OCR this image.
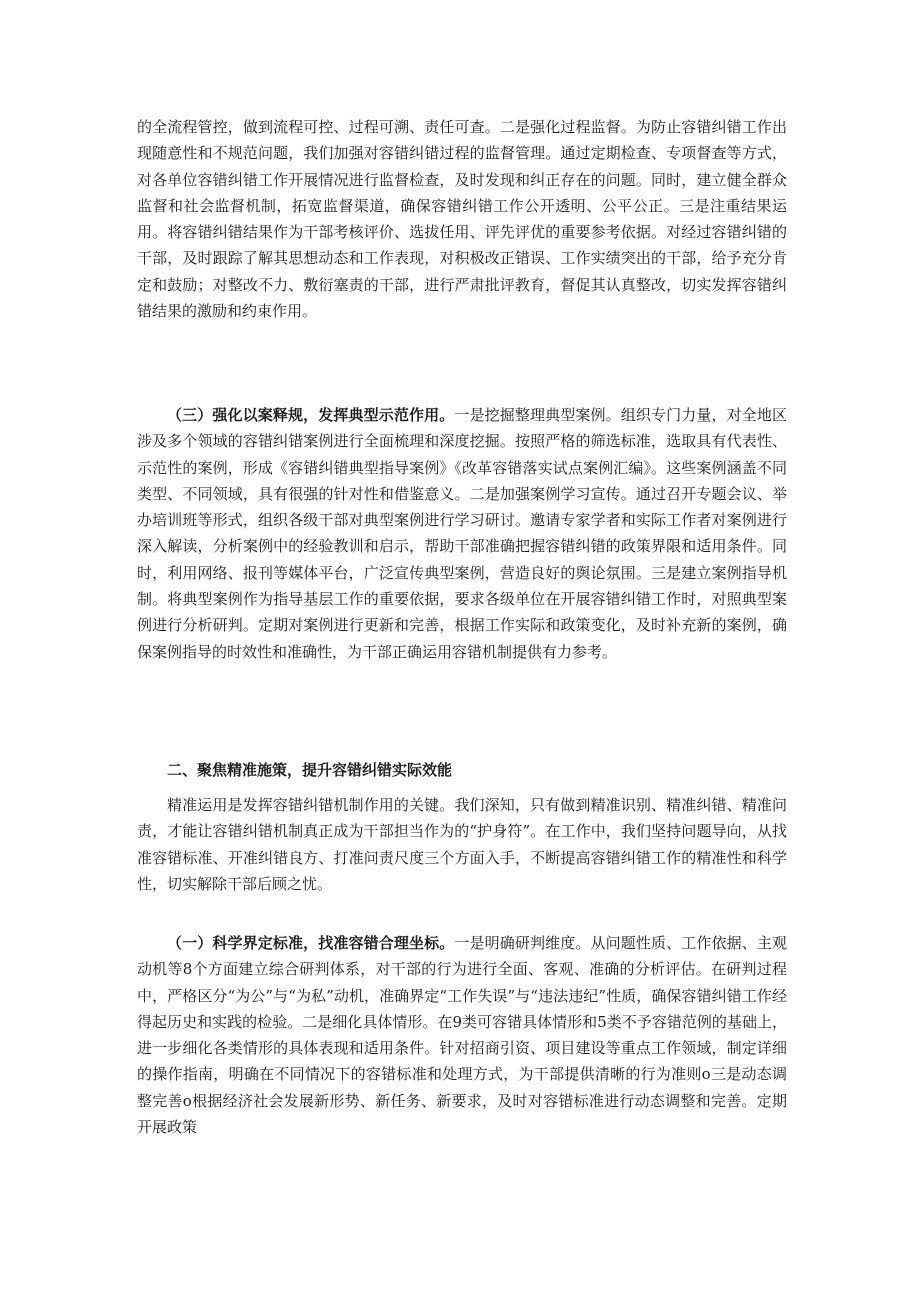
的全流程管控，做到流程可控、过程可溯、责任可查。二是强化过程监督。为防止容错纠错工作出现随意性和不规范问题，我们加强对容错纠错过程的监督管理。通过定期检查、专项督查等方式，对各单位容错纠错工作开展情况进行监督检查，及时发现和纠正存在的问题。同时，建立健全群众监督和社会监督机制，拓宽监督渠道，确保容错纠错工作公开透明、公平公正。三是注重结果运用。将容错纠错结果作为干部考核评价、选拔任用、评先评优的重要参考依据。对经过容错纠错的干部，及时跟踪了解其思想动态和工作表现，对积极改正错误、工作实绩突出的干部，给予充分肯定和鼓励；对整改不力、敷衍塞责的干部，进行严肃批评教育，督促其认真整改，切实发挥容错纠错结果的激励和约束作用。

（三）强化以案释规，发挥典型示范作用。一是挖掘整理典型案例。组织专门力量，对全地区涉及多个领域的容错纠错案例进行全面梳理和深度挖掘。按照严格的筛选标准，选取具有代表性、示范性的案例，形成《容错纠错典型指导案例》《改革容错落实试点案例汇编》。这些案例涵盖不同类型、不同领域，具有很强的针对性和借鉴意义。二是加强案例学习宣传。通过召开专题会议、举办培训班等形式，组织各级干部对典型案例进行学习研讨。邀请专家学者和实际工作者对案例进行深入解读，分析案例中的经验教训和启示，帮助干部准确把握容错纠错的政策界限和适用条件。同时，利用网络、报刊等媒体平台，广泛宣传典型案例，营造良好的舆论氛围。三是建立案例指导机制。将典型案例作为指导基层工作的重要依据，要求各级单位在开展容错纠错工作时，对照典型案例进行分析研判。定期对案例进行更新和完善，根据工作实际和政策变化，及时补充新的案例，确保案例指导的时效性和准确性，为干部正确运用容错机制提供有力参考。

二、聚焦精准施策，提升容错纠错实际效能

精准运用是发挥容错纠错机制作用的关键。我们深知，只有做到精准识别、精准纠错、精准问责，才能让容错纠错机制真正成为干部担当作为的“护身符”。在工作中，我们坚持问题导向，从找准容错标准、开准纠错良方、打准问责尺度三个方面入手，不断提高容错纠错工作的精准性和科学性，切实解除干部后顾之忧。

（一）科学界定标准，找准容错合理坐标。一是明确研判维度。从问题性质、工作依据、主观动机等8个方面建立综合研判体系，对干部的行为进行全面、客观、准确的分析评估。在研判过程中，严格区分“为公”与“为私”动机，准确界定“工作失误”与“违法违纪”性质，确保容错纠错工作经得起历史和实践的检验。二是细化具体情形。在9类可容错具体情形和5类不予容错范例的基础上，进一步细化各类情形的具体表现和适用条件。针对招商引资、项目建设等重点工作领域，制定详细的操作指南，明确在不同情况下的容错标准和处理方式，为干部提供清晰的行为准则o三是动态调整完善o根据经济社会发展新形势、新任务、新要求，及时对容错标准进行动态调整和完善。定期开展政策
